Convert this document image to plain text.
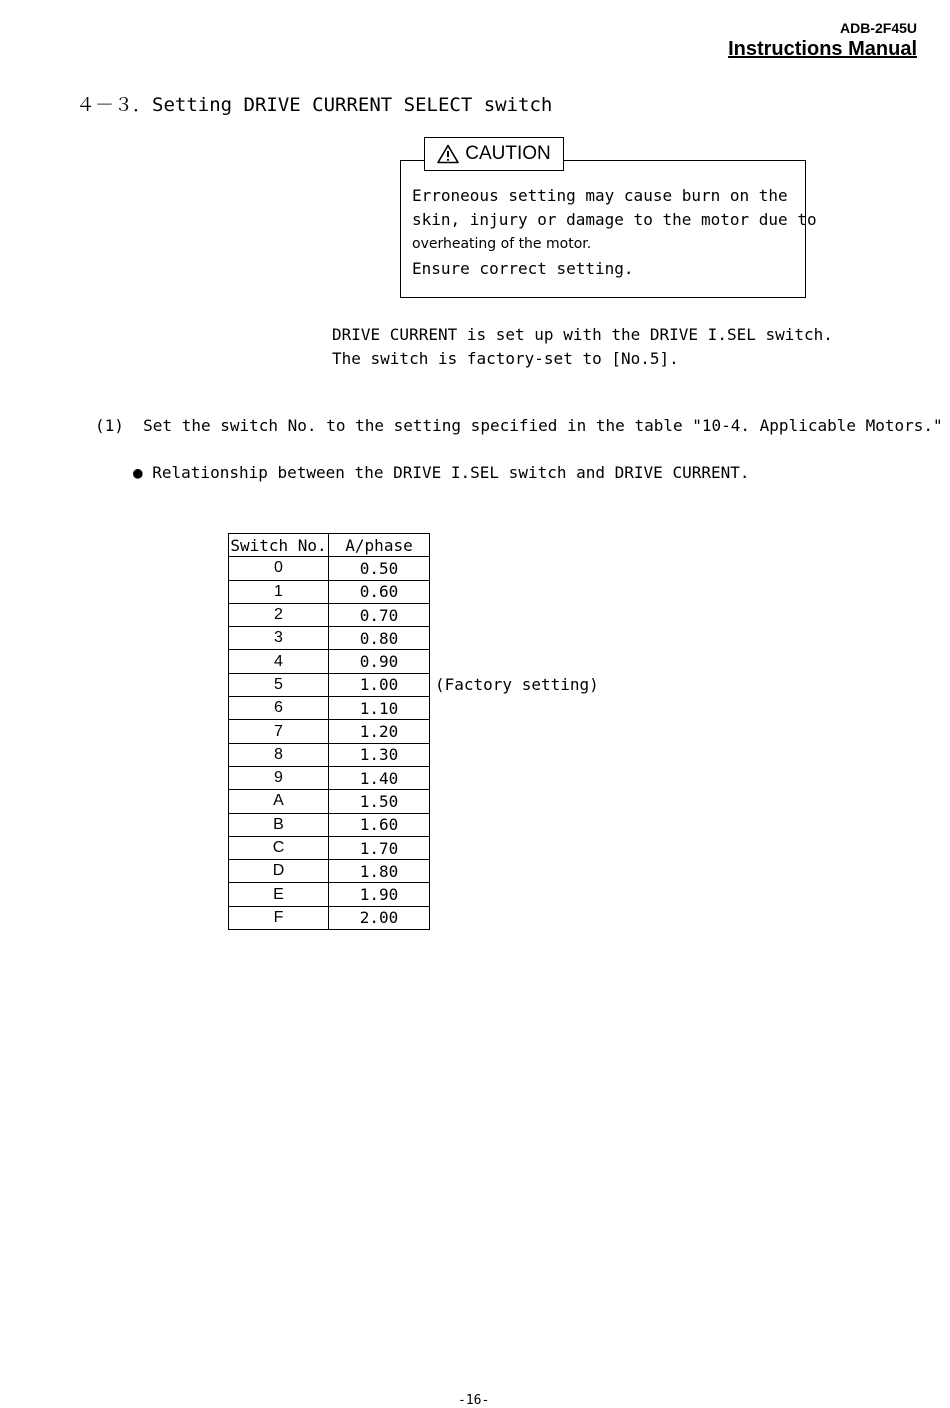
ADB-2F45U
Instructions Manual
４－３．Setting DRIVE CURRENT SELECT switch
CAUTION
Erroneous setting may cause burn on the
skin, injury or damage to the motor due to
overheating of the motor.
Ensure correct setting.
DRIVE CURRENT is set up with the DRIVE I.SEL switch.
The switch is factory-set to [No.5].
(1)  Set the switch No. to the setting specified in the table "10-4. Applicable Motors."
● Relationship between the DRIVE I.SEL switch and DRIVE CURRENT.
Switch No.	A/phase
0	0.50
1	0.60
2	0.70
3	0.80
4	0.90
5	1.00
6	1.10
7	1.20
8	1.30
9	1.40
A	1.50
B	1.60
C	1.70
D	1.80
E	1.90
F	2.00
(Factory setting)
-16-
